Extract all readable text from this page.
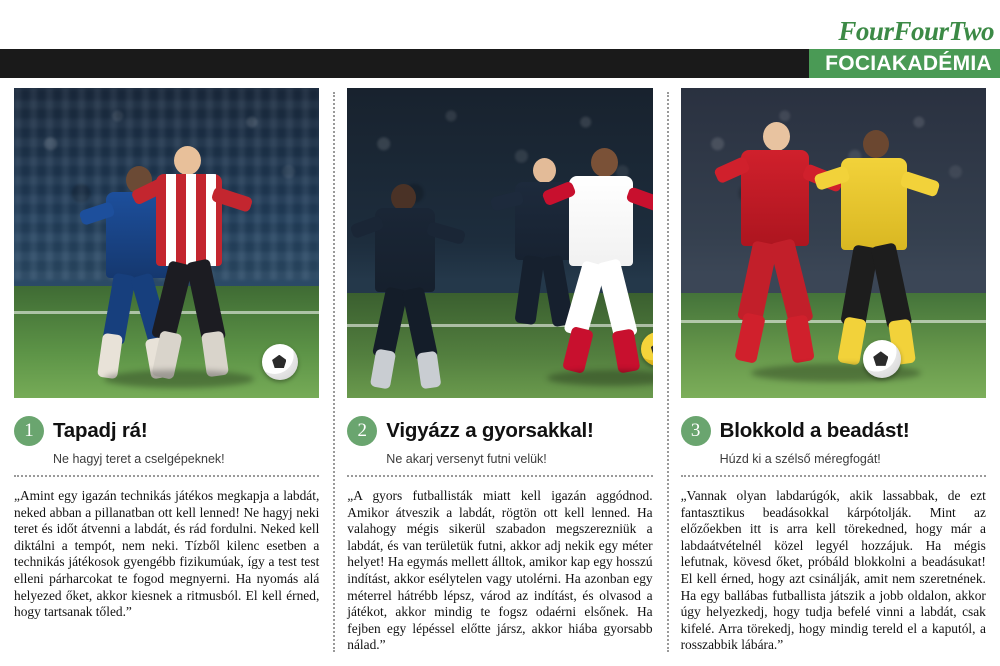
FourFourTwo
FOCIAKADÉMIA
1 Tapadj rá!
Ne hagyj teret a cselgépeknek!
„Amint egy igazán technikás játékos megkapja a labdát, neked abban a pillanatban ott kell lenned! Ne hagyj neki teret és időt átvenni a labdát, és rád fordulni. Neked kell diktálni a tempót, nem neki. Tízből kilenc esetben a technikás játékosok gyengébb fizikumúak, így a test test elleni párharcokat te fogod megnyerni. Ha nyomás alá helyezed őket, akkor kiesnek a ritmusból. El kell érned, hogy tartsanak tőled.”
2 Vigyázz a gyorsakkal!
Ne akarj versenyt futni velük!
„A gyors futballisták miatt kell igazán aggódnod. Amikor átveszik a labdát, rögtön ott kell lenned. Ha valahogy mégis sikerül szabadon megszerezniük a labdát, és van területük futni, akkor adj nekik egy méter helyet! Ha egymás mellett álltok, amikor kap egy hosszú indítást, akkor esélytelen vagy utolérni. Ha azonban egy méterrel hátrébb lépsz, várod az indítást, és olvasod a játékot, akkor mindig te fogsz odaérni elsőnek. Ha fejben egy lépéssel előtte jársz, akkor hiába gyorsabb nálad.”
3 Blokkold a beadást!
Húzd ki a szélső méregfogát!
„Vannak olyan labdarúgók, akik lassabbak, de ezt fantasztikus beadásokkal kárpótolják. Mint az előzőekben itt is arra kell törekedned, hogy már a labdaátvételnél közel legyél hozzájuk. Ha mégis lefutnak, kövesd őket, próbáld blokkolni a beadásukat! El kell érned, hogy azt csinálják, amit nem szeretnének. Ha egy ballábas futballista játszik a jobb oldalon, akkor úgy helyezkedj, hogy tudja befelé vinni a labdát, csak kifelé. Arra törekedj, hogy mindig tereld el a kaputól, a rosszabbik lábára.”
